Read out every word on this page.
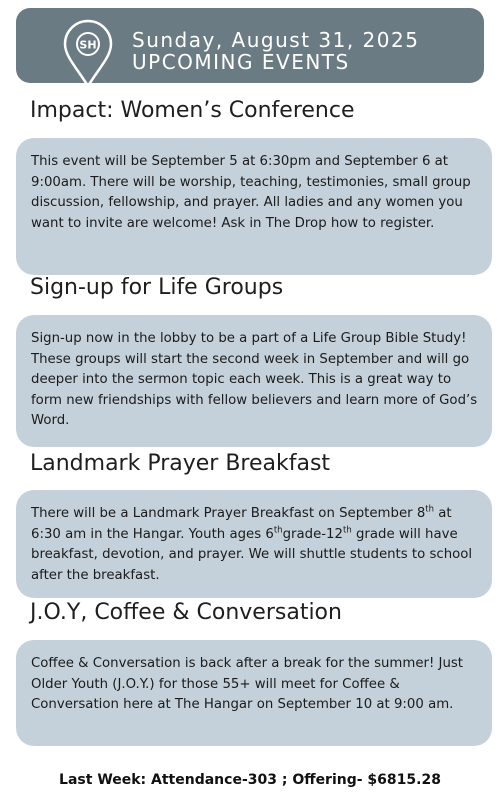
SH Sunday, August 31, 2025
UPCOMING EVENTS
Impact: Women’s Conference

This event will be September 5 at 6:30pm and September 6 at 9:00am. There will be worship, teaching, testimonies, small group discussion, fellowship, and prayer. All ladies and any women you want to invite are welcome! Ask in The Drop how to register.

Sign-up for Life Groups

Sign-up now in the lobby to be a part of a Life Group Bible Study! These groups will start the second week in September and will go deeper into the sermon topic each week. This is a great way to form new friendships with fellow believers and learn more of God’s Word.

Landmark Prayer Breakfast

There will be a Landmark Prayer Breakfast on September 8th at 6:30 am in the Hangar. Youth ages 6thgrade-12th grade will have breakfast, devotion, and prayer. We will shuttle students to school after the breakfast.

J.O.Y, Coffee & Conversation

Coffee & Conversation is back after a break for the summer! Just Older Youth (J.O.Y.) for those 55+ will meet for Coffee & Conversation here at The Hangar on September 10 at 9:00 am.

Last Week: Attendance-303 ; Offering- $6815.28
